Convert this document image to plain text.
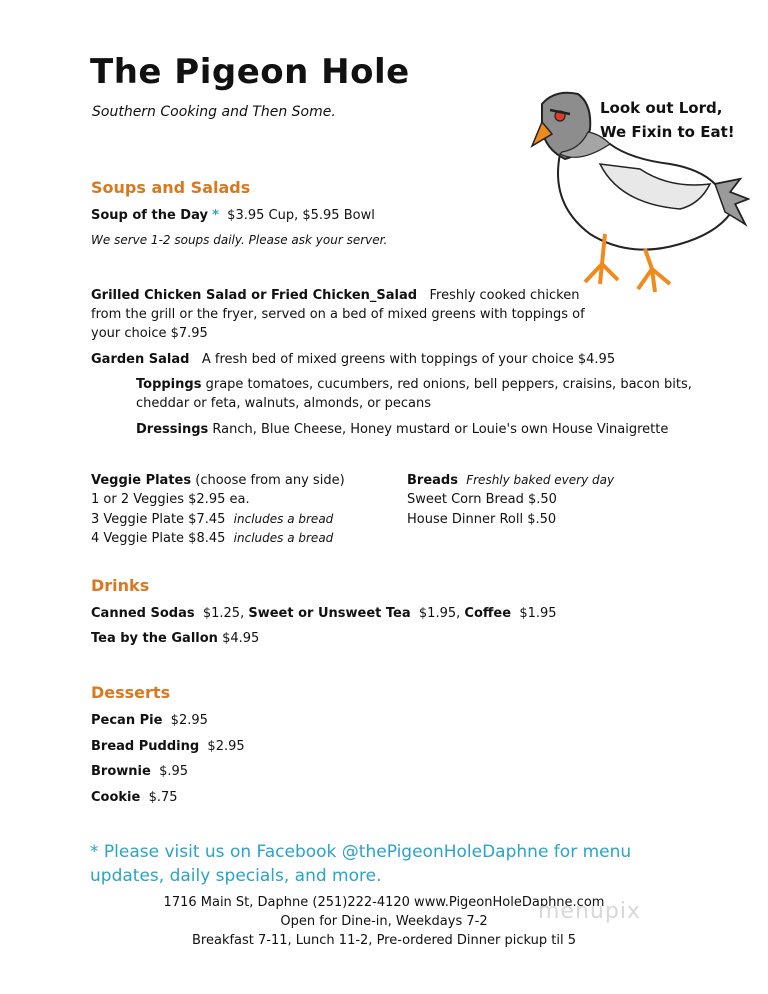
The Pigeon Hole
Southern Cooking and Then Some.	Look out Lord,
We Fixin to Eat!
Soups and Salads
Soup of the Day * $3.95 Cup, $5.95 Bowl
We serve 1-2 soups daily. Please ask your server.
Grilled Chicken Salad or Fried Chicken_Salad Freshly cooked chicken from the grill or the fryer, served on a bed of mixed greens with toppings of your choice $7.95
Garden Salad A fresh bed of mixed greens with toppings of your choice $4.95
Toppings grape tomatoes, cucumbers, red onions, bell peppers, craisins, bacon bits, cheddar or feta, walnuts, almonds, or pecans
Dressings Ranch, Blue Cheese, Honey mustard or Louie's own House Vinaigrette
Veggie Plates (choose from any side)
1 or 2 Veggies $2.95 ea.
3 Veggie Plate $7.45 includes a bread
4 Veggie Plate $8.45 includes a bread
Breads Freshly baked every day
Sweet Corn Bread $.50
House Dinner Roll $.50
Drinks
Canned Sodas $1.25, Sweet or Unsweet Tea $1.95, Coffee $1.95
Tea by the Gallon $4.95
Desserts
Pecan Pie $2.95
Bread Pudding $2.95
Brownie $.95
Cookie $.75
* Please visit us on Facebook @thePigeonHoleDaphne for menu updates, daily specials, and more.
1716 Main St, Daphne (251)222-4120 www.PigeonHoleDaphne.com
Open for Dine-in, Weekdays 7-2
Breakfast 7-11, Lunch 11-2, Pre-ordered Dinner pickup til 5
menupix
